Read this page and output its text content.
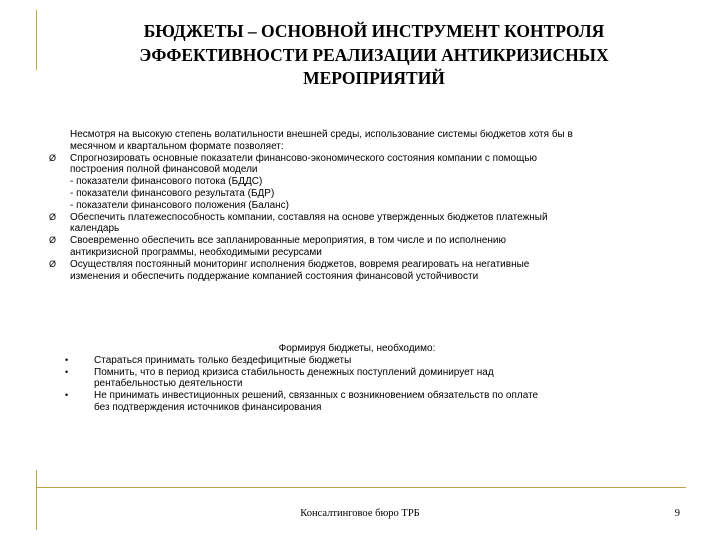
БЮДЖЕТЫ – ОСНОВНОЙ ИНСТРУМЕНТ КОНТРОЛЯ
ЭФФЕКТИВНОСТИ РЕАЛИЗАЦИИ АНТИКРИЗИСНЫХ
МЕРОПРИЯТИЙ
Несмотря на высокую степень волатильности внешней среды, использование системы бюджетов хотя бы в
месячном и квартальном формате позволяет:
Ø Спрогнозировать основные показатели финансово-экономического состояния компании с помощью
построения полной финансовой модели
- показатели финансового потока (БДДС)
- показатели финансового результата (БДР)
- показатели финансового положения (Баланс)
Ø Обеспечить платежеспособность компании, составляя на основе утвержденных бюджетов платежный
календарь
Ø Своевременно обеспечить все запланированные мероприятия, в том числе и по исполнению
антикризисной программы, необходимыми ресурсами
Ø Осуществляя постоянный мониторинг исполнения бюджетов, вовремя реагировать на негативные
изменения и обеспечить поддержание компанией состояния финансовой устойчивости
Формируя бюджеты, необходимо:
•	Стараться принимать только бездефицитные бюджеты
•	Помнить, что в период кризиса стабильность денежных поступлений доминирует над
рентабельностью деятельности
•	Не принимать инвестиционных решений, связанных с возникновением обязательств по оплате
без подтверждения источников финансирования
Консалтинговое бюро ТРБ	9
